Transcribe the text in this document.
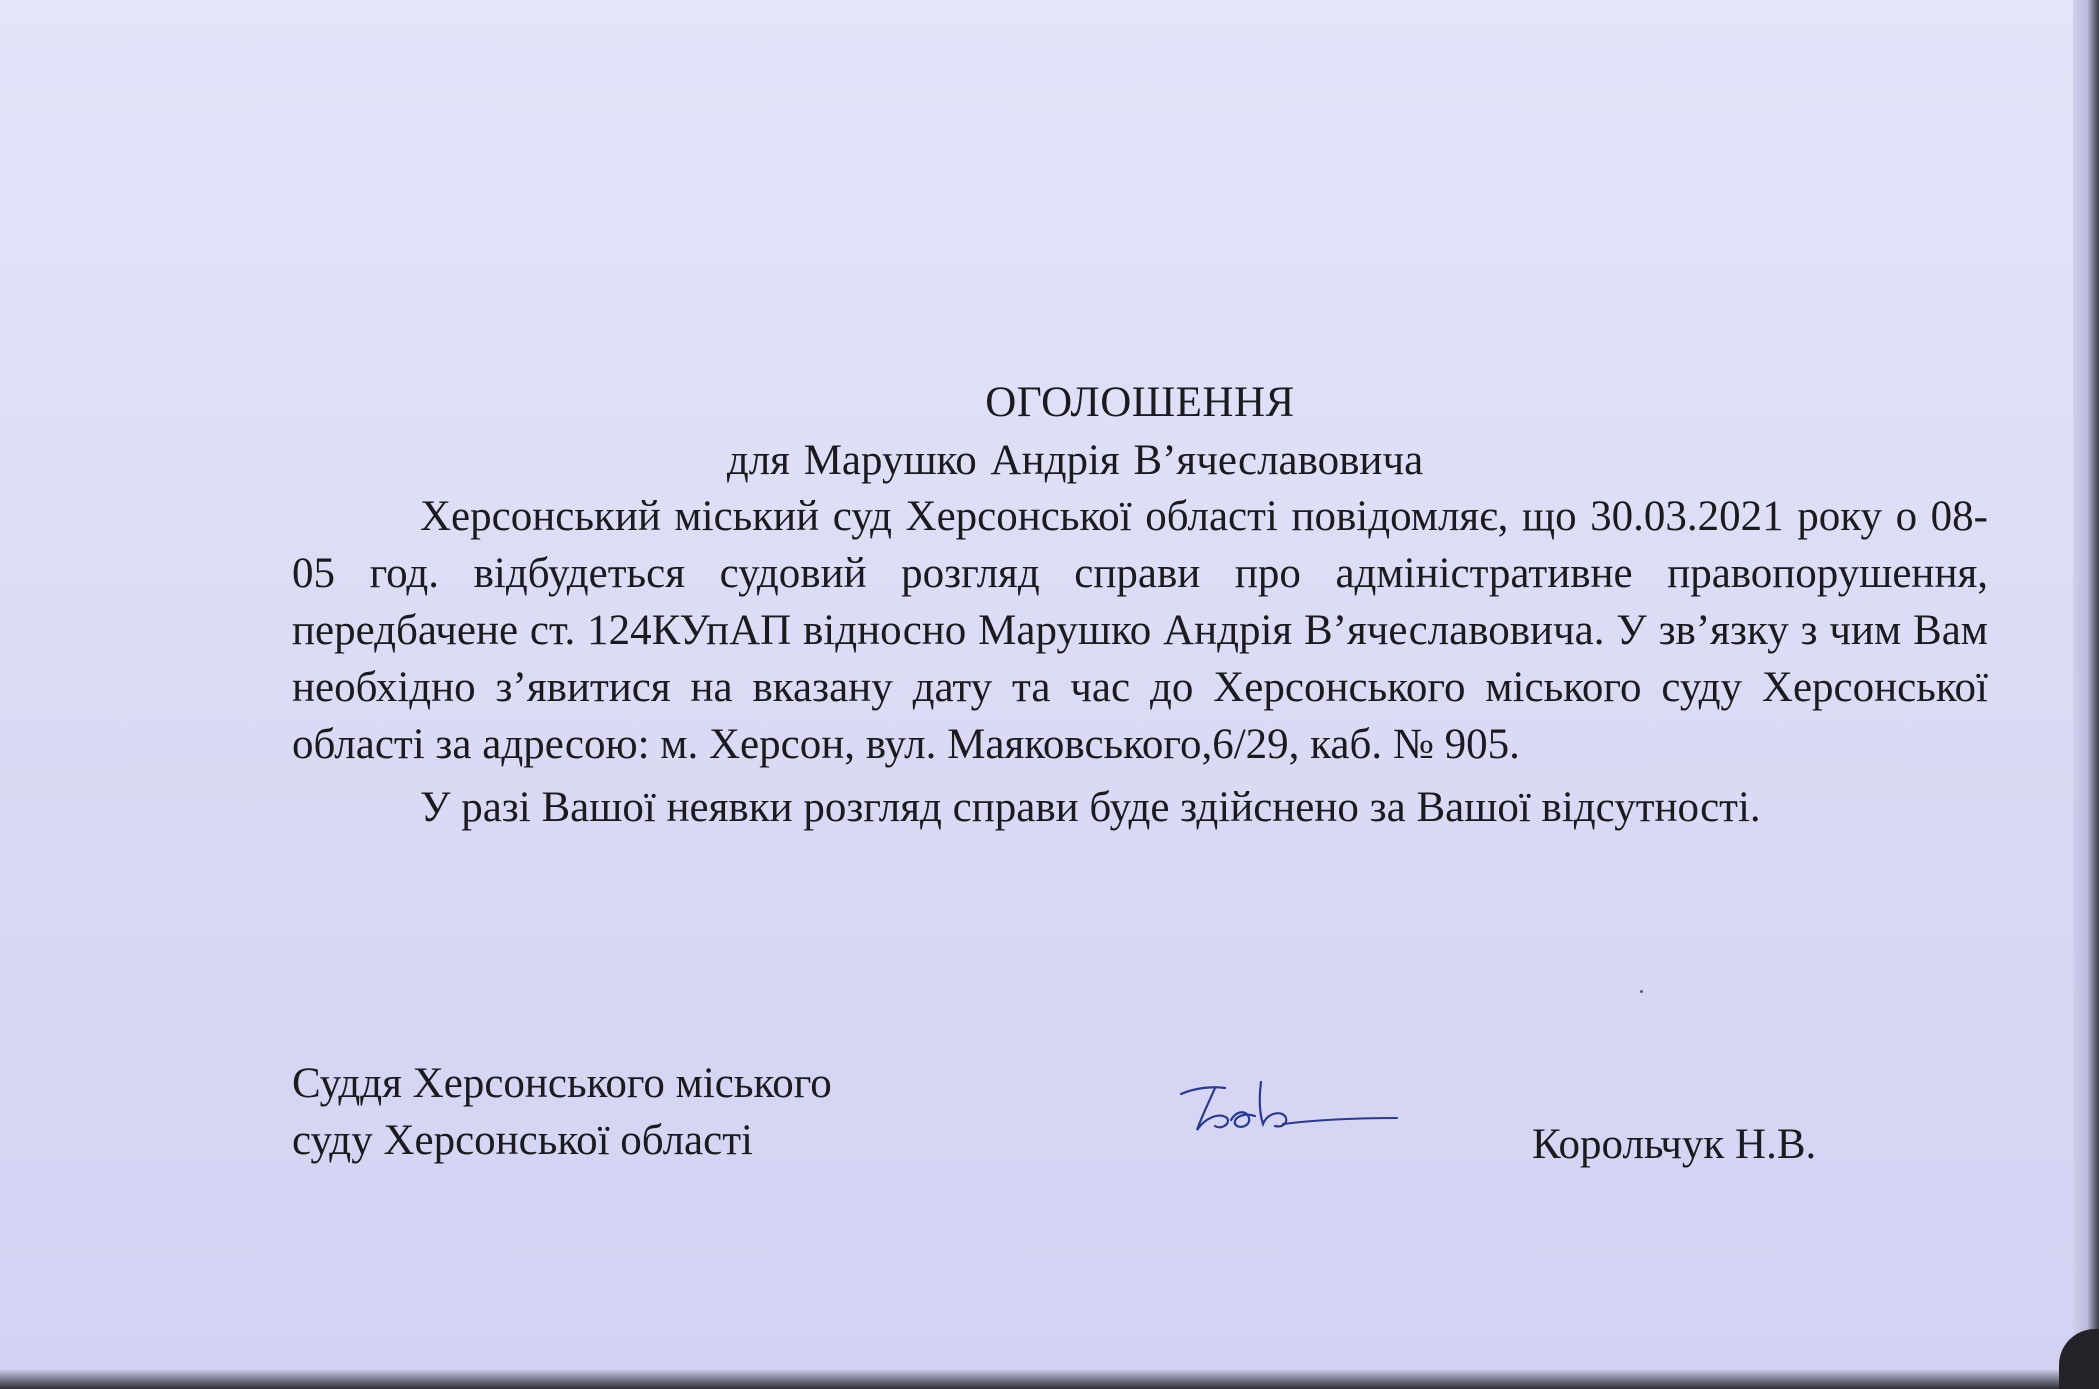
ОГОЛОШЕННЯ
для Марушко Андрія В’ячеславовича

Херсонський міський суд Херсонської області повідомляє, що 30.03.2021 року о 08-05 год. відбудеться судовий розгляд справи про адміністративне правопорушення, передбачене ст. 124КУпАП відносно Марушко Андрія В’ячеславовича. У зв’язку з чим Вам необхідно з’явитися на вказану дату та час до Херсонського міського суду Херсонської області за адресою: м. Херсон, вул. Маяковського,6/29, каб. № 905.

У разі Вашої неявки розгляд справи буде здійснено за Вашої відсутності.

Суддя Херсонського міського
суду Херсонської області	Корольчук Н.В.
